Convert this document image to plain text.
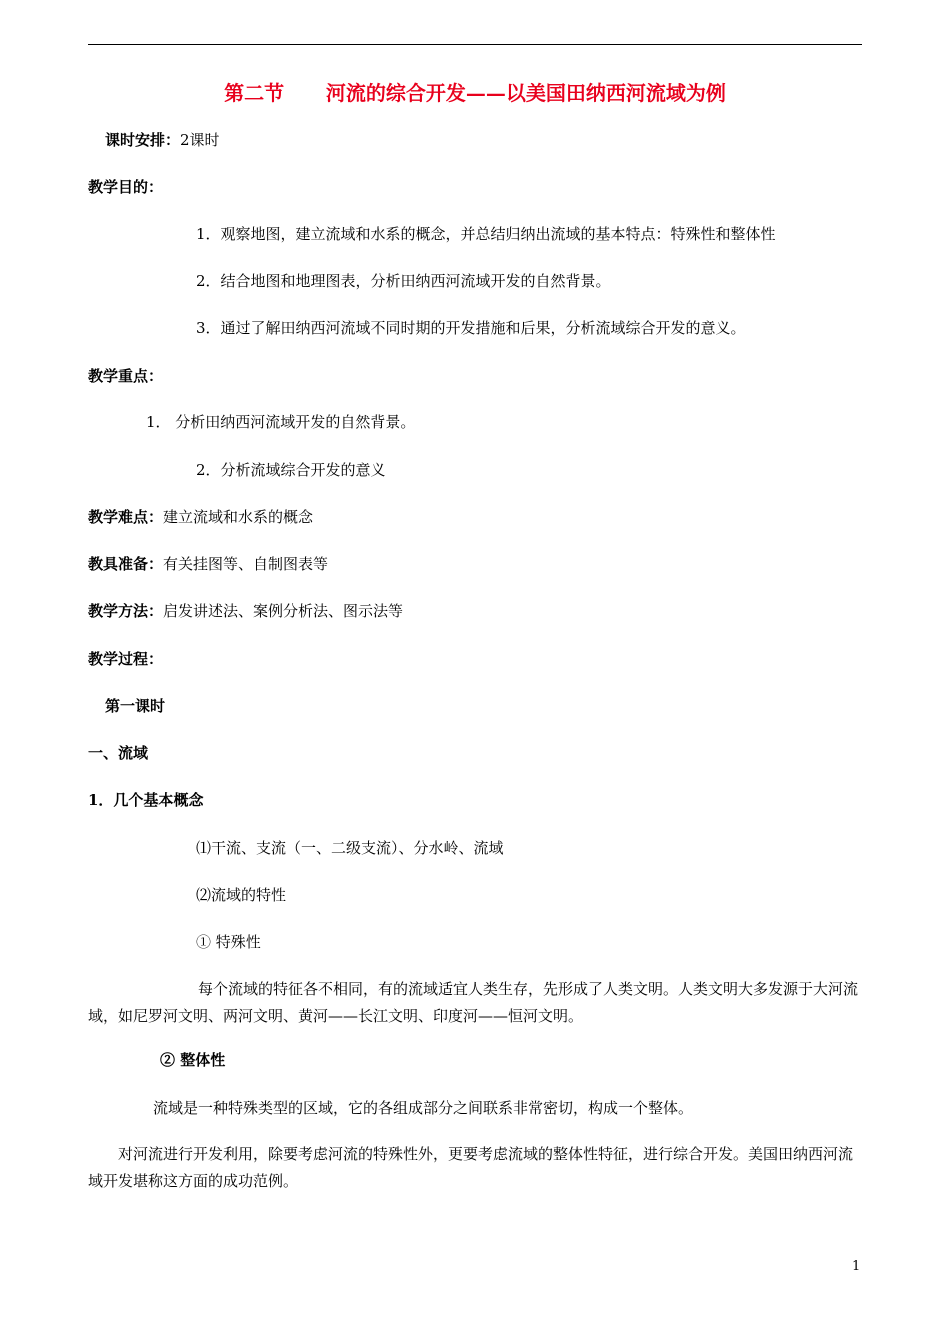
第二节 河流的综合开发——以美国田纳西河流域为例
课时安排：2课时
教学目的：
1．观察地图，建立流域和水系的概念，并总结归纳出流域的基本特点：特殊性和整体性
2．结合地图和地理图表，分析田纳西河流域开发的自然背景。
3．通过了解田纳西河流域不同时期的开发措施和后果，分析流域综合开发的意义。
教学重点：
1． 分析田纳西河流域开发的自然背景。
2．分析流域综合开发的意义
教学难点：建立流域和水系的概念
教具准备：有关挂图等、自制图表等
教学方法：启发讲述法、案例分析法、图示法等
教学过程：
第一课时
一、流域
1．几个基本概念
⑴干流、支流（一、二级支流）、分水岭、流域
⑵流域的特性
① 特殊性
每个流域的特征各不相同，有的流域适宜人类生存，先形成了人类文明。人类文明大多发源于大河流域，如尼罗河文明、两河文明、黄河——长江文明、印度河——恒河文明。
② 整体性
流域是一种特殊类型的区域，它的各组成部分之间联系非常密切，构成一个整体。
对河流进行开发利用，除要考虑河流的特殊性外，更要考虑流域的整体性特征，进行综合开发。美国田纳西河流域开发堪称这方面的成功范例。
1
